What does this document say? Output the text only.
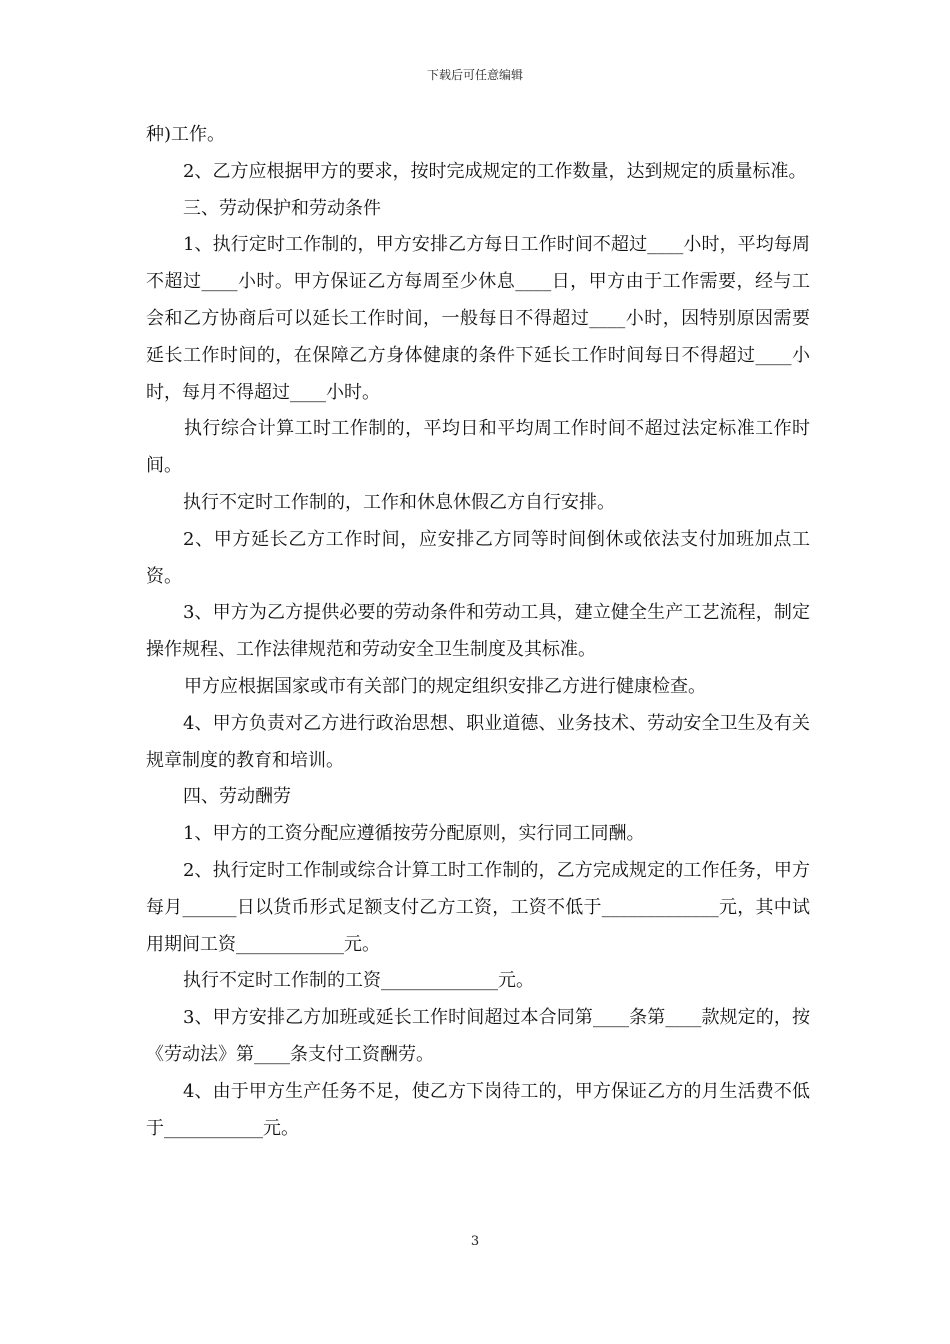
下载后可任意编辑

种)工作。

2、乙方应根据甲方的要求，按时完成规定的工作数量，达到规定的质量标准。

三、劳动保护和劳动条件

1、执行定时工作制的，甲方安排乙方每日工作时间不超过____小时，平均每周不超过____小时。甲方保证乙方每周至少休息____日，甲方由于工作需要，经与工会和乙方协商后可以延长工作时间，一般每日不得超过____小时，因特别原因需要延长工作时间的，在保障乙方身体健康的条件下延长工作时间每日不得超过____小时，每月不得超过____小时。

执行综合计算工时工作制的，平均日和平均周工作时间不超过法定标准工作时间。

执行不定时工作制的，工作和休息休假乙方自行安排。

2、甲方延长乙方工作时间，应安排乙方同等时间倒休或依法支付加班加点工资。

3、甲方为乙方提供必要的劳动条件和劳动工具，建立健全生产工艺流程，制定操作规程、工作法律规范和劳动安全卫生制度及其标准。

甲方应根据国家或市有关部门的规定组织安排乙方进行健康检查。

4、甲方负责对乙方进行政治思想、职业道德、业务技术、劳动安全卫生及有关规章制度的教育和培训。

四、劳动酬劳

1、甲方的工资分配应遵循按劳分配原则，实行同工同酬。

2、执行定时工作制或综合计算工时工作制的，乙方完成规定的工作任务，甲方每月______日以货币形式足额支付乙方工资，工资不低于_____________元，其中试用期间工资____________元。

执行不定时工作制的工资_____________元。

3、甲方安排乙方加班或延长工作时间超过本合同第____条第____款规定的，按《劳动法》第____条支付工资酬劳。

4、由于甲方生产任务不足，使乙方下岗待工的，甲方保证乙方的月生活费不低于___________元。

3
